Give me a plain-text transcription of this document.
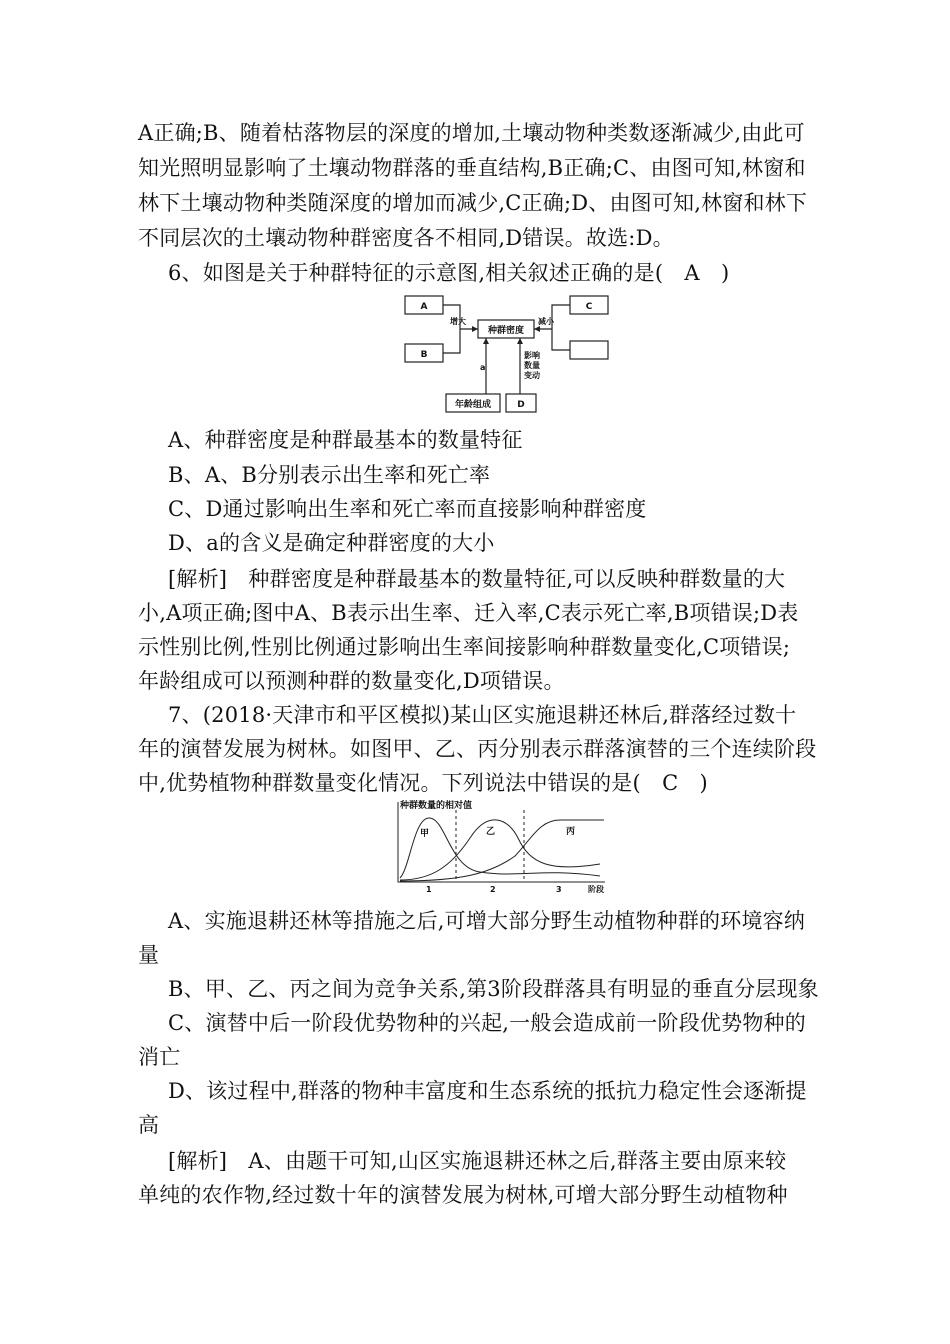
A正确;B、随着枯落物层的深度的增加,土壤动物种类数逐渐减少,由此可
知光照明显影响了土壤动物群落的垂直结构,B正确;C、由图可知,林窗和
林下土壤动物种类随深度的增加而减少,C正确;D、由图可知,林窗和林下
不同层次的土壤动物种群密度各不相同,D错误。故选:D。
6、如图是关于种群特征的示意图,相关叙述正确的是(　A　)
A
B
C
种群密度
年龄组成	D
增大	减小
a
影响
数量
变动
A、种群密度是种群最基本的数量特征
B、A、B分别表示出生率和死亡率
C、D通过影响出生率和死亡率而直接影响种群密度
D、a的含义是确定种群密度的大小
[解析]　种群密度是种群最基本的数量特征,可以反映种群数量的大
小,A项正确;图中A、B表示出生率、迁入率,C表示死亡率,B项错误;D表
示性别比例,性别比例通过影响出生率间接影响种群数量变化,C项错误;
年龄组成可以预测种群的数量变化,D项错误。
7、(2018·天津市和平区模拟)某山区实施退耕还林后,群落经过数十
年的演替发展为树林。如图甲、乙、丙分别表示群落演替的三个连续阶段
中,优势植物种群数量变化情况。下列说法中错误的是(　C　)
种群数量的相对值
甲	乙	丙
1	2	3	阶段
A、实施退耕还林等措施之后,可增大部分野生动植物种群的环境容纳
量
B、甲、乙、丙之间为竞争关系,第3阶段群落具有明显的垂直分层现象
C、演替中后一阶段优势物种的兴起,一般会造成前一阶段优势物种的
消亡
D、该过程中,群落的物种丰富度和生态系统的抵抗力稳定性会逐渐提
高
[解析]　A、由题干可知,山区实施退耕还林之后,群落主要由原来较
单纯的农作物,经过数十年的演替发展为树林,可增大部分野生动植物种
